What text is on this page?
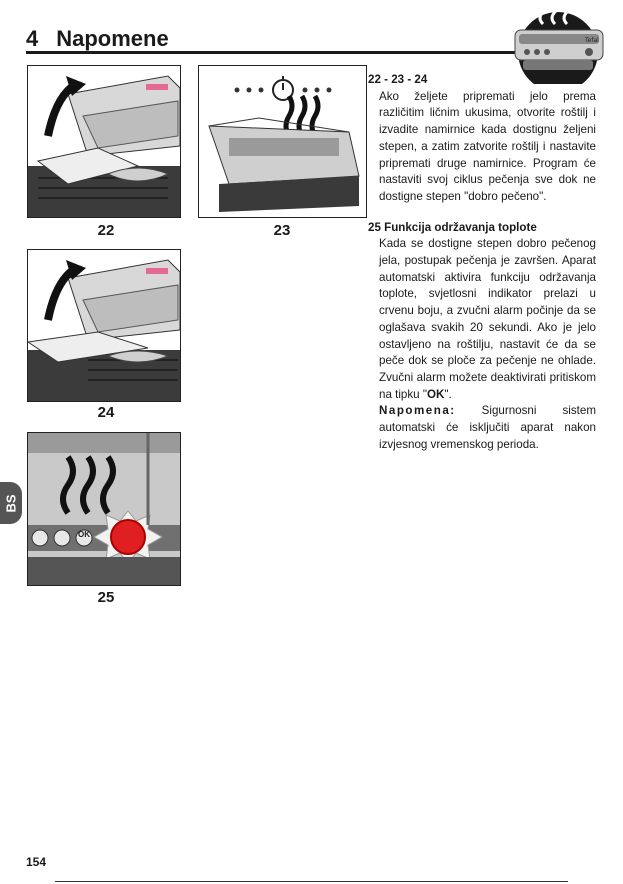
4 Napomene	Tefal
22	23
24
OK
25
BS

22 - 23 - 24

Ako željete pripremati jelo prema različitim ličnim ukusima, otvorite roštilj i izvadite namirnice kada dostignu željeni stepen, a zatim zatvorite roštilj i nastavite pripremati druge namirnice. Program će nastaviti svoj ciklus pečenja sve dok ne dostigne stepen "dobro pečeno".

25 Funkcija održavanja toplote

Kada se dostigne stepen dobro pečenog jela, postupak pečenja je završen. Aparat automatski aktivira funkciju održavanja toplote, svjetlosni indikator prelazi u crvenu boju, a zvučni alarm počinje da se oglašava svakih 20 sekundi. Ako je jelo ostavljeno na roštilju, nastavit će da se peče dok se ploče za pečenje ne ohlade. Zvučni alarm možete deaktivirati pritiskom na tipku "OK".

Napomena: Sigurnosni sistem automatski će isključiti aparat nakon izvjesnog vremenskog perioda.

154
